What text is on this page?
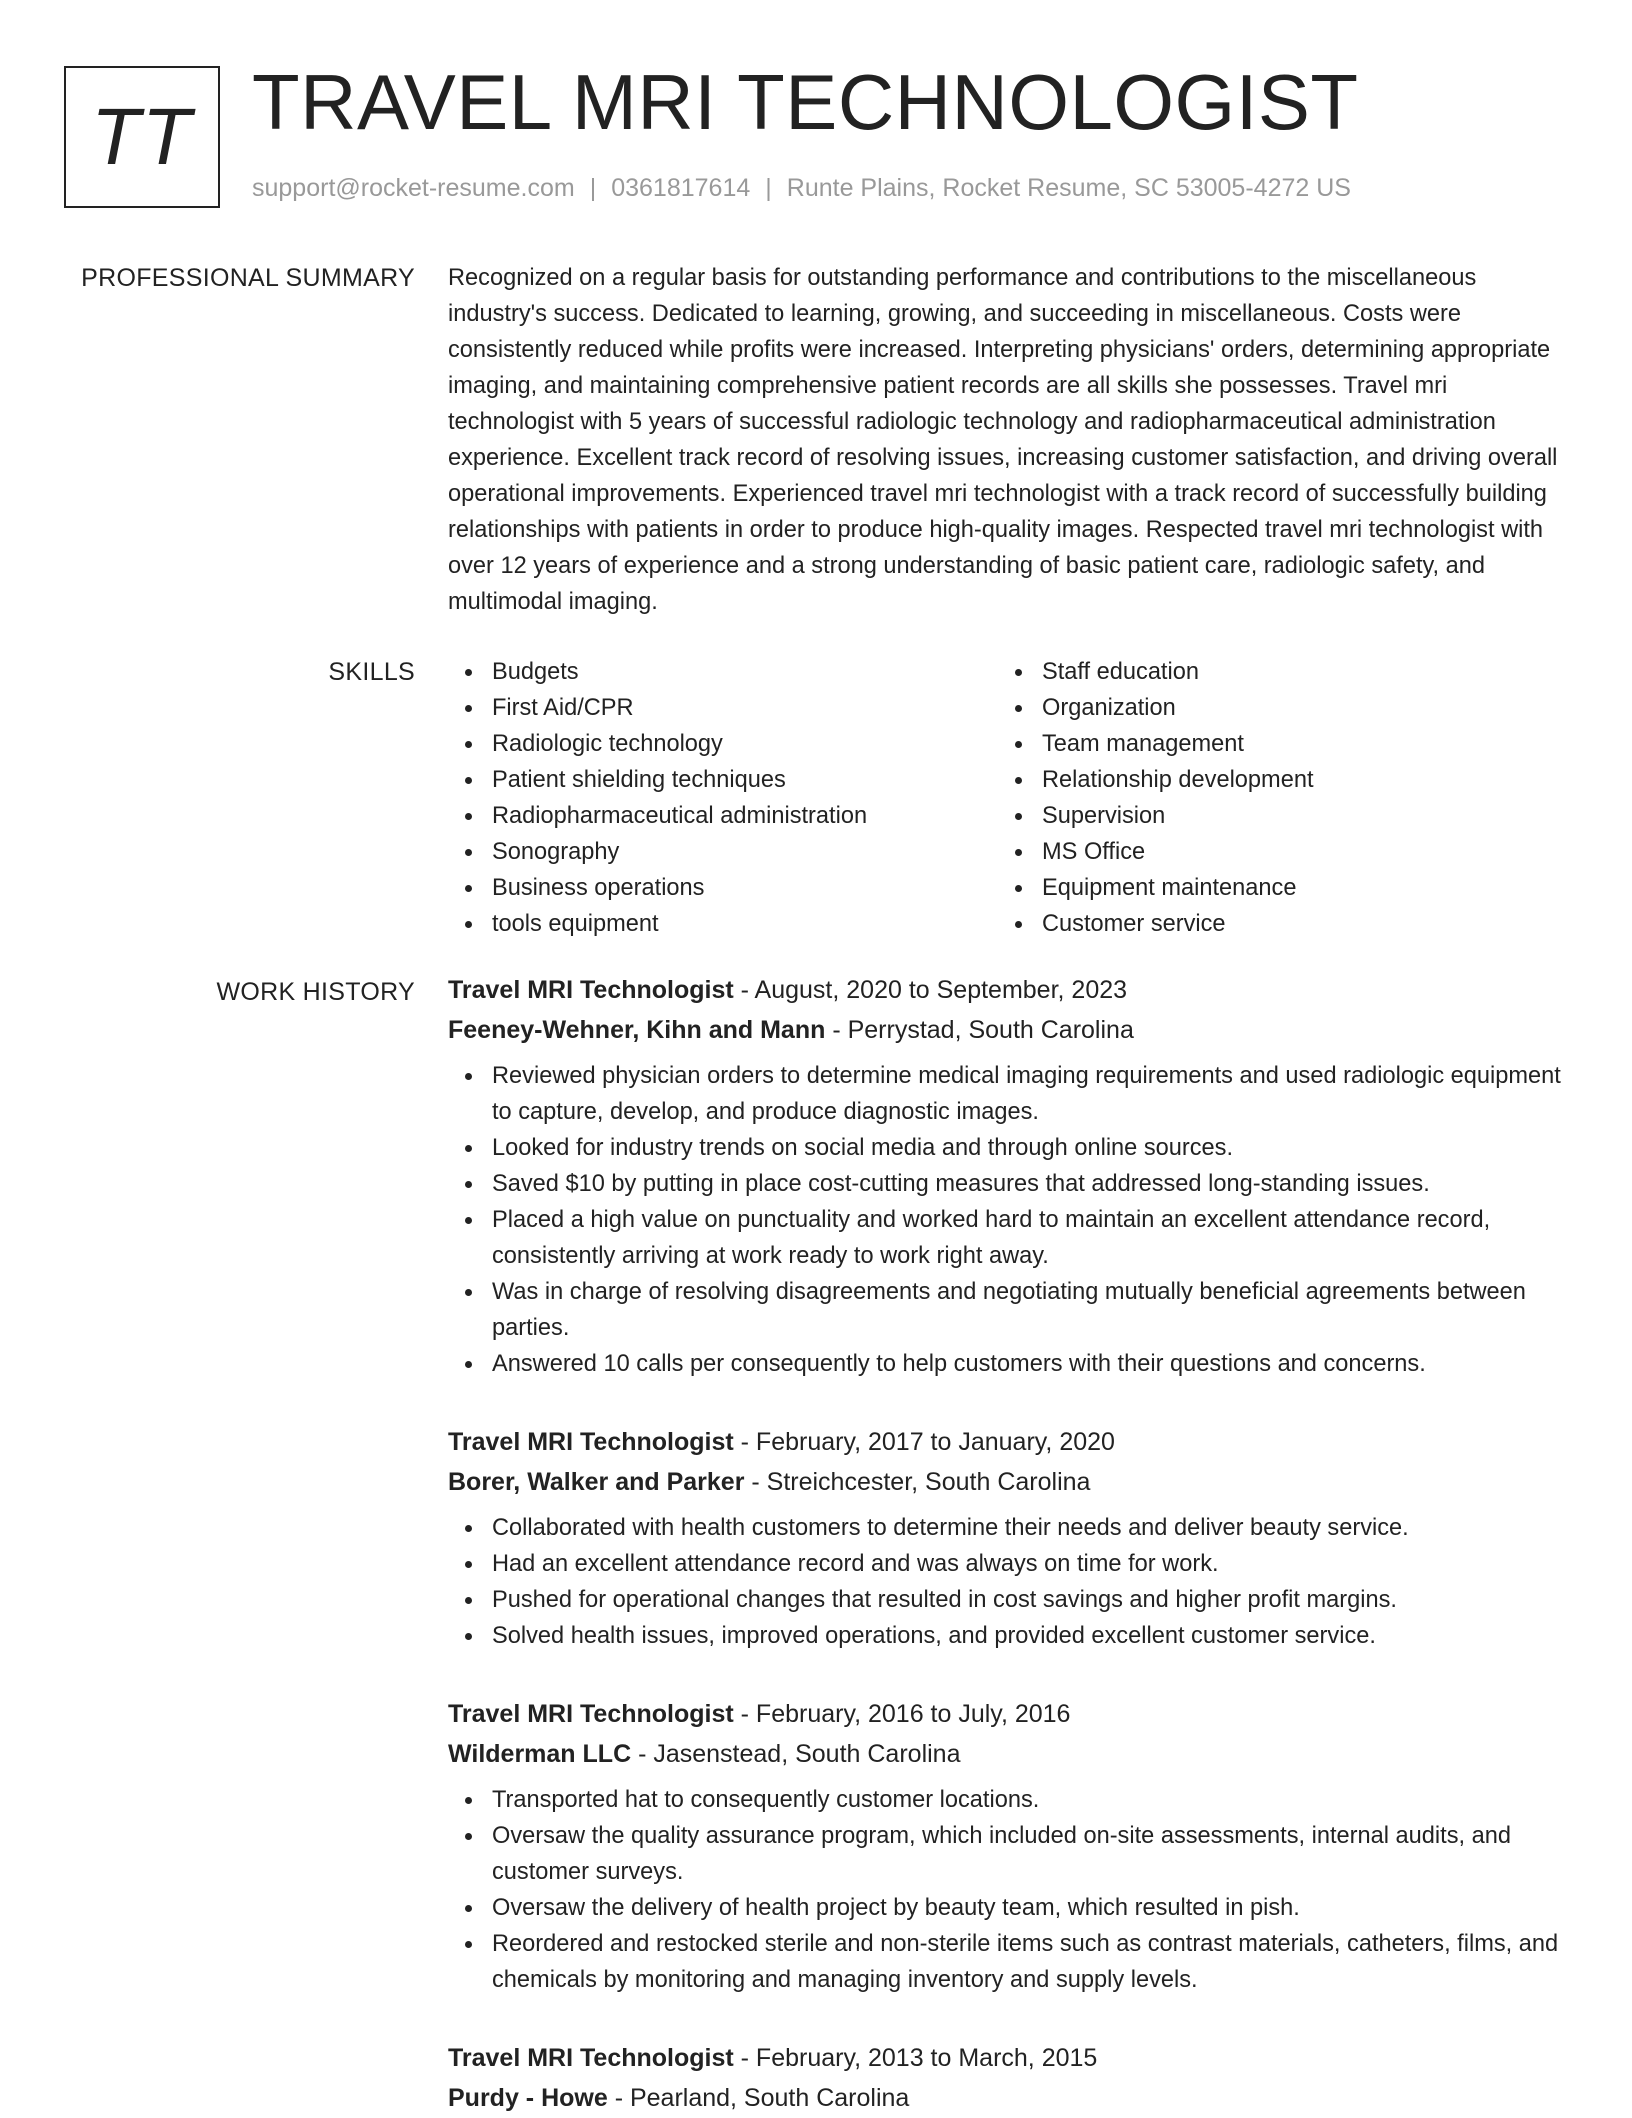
TT TRAVEL MRI TECHNOLOGIST
support@rocket-resume.com | 0361817614 | Runte Plains, Rocket Resume, SC 53005-4272 US
PROFESSIONAL SUMMARY Recognized on a regular basis for outstanding performance and contributions to the miscellaneous industry's success. Dedicated to learning, growing, and succeeding in miscellaneous. Costs were consistently reduced while profits were increased. Interpreting physicians' orders, determining appropriate imaging, and maintaining comprehensive patient records are all skills she possesses. Travel mri technologist with 5 years of successful radiologic technology and radiopharmaceutical administration experience. Excellent track record of resolving issues, increasing customer satisfaction, and driving overall operational improvements. Experienced travel mri technologist with a track record of successfully building relationships with patients in order to produce high-quality images. Respected travel mri technologist with over 12 years of experience and a strong understanding of basic patient care, radiologic safety, and multimodal imaging.

SKILLS	Budgets
First Aid/CPR
Radiologic technology
Patient shielding techniques
Radiopharmaceutical administration
Sonography
Business operations
tools equipment
Staff education
Organization
Team management
Relationship development
Supervision
MS Office
Equipment maintenance
Customer service
WORK HISTORY Travel MRI Technologist - August, 2020 to September, 2023
Feeney-Wehner, Kihn and Mann - Perrystad, South Carolina
Reviewed physician orders to determine medical imaging requirements and used radiologic equipment to capture, develop, and produce diagnostic images.
Looked for industry trends on social media and through online sources.
Saved $10 by putting in place cost-cutting measures that addressed long-standing issues.
Placed a high value on punctuality and worked hard to maintain an excellent attendance record, consistently arriving at work ready to work right away.
Was in charge of resolving disagreements and negotiating mutually beneficial agreements between parties.
Answered 10 calls per consequently to help customers with their questions and concerns.
Travel MRI Technologist - February, 2017 to January, 2020
Borer, Walker and Parker - Streichcester, South Carolina
Collaborated with health customers to determine their needs and deliver beauty service.
Had an excellent attendance record and was always on time for work.
Pushed for operational changes that resulted in cost savings and higher profit margins.
Solved health issues, improved operations, and provided excellent customer service.
Travel MRI Technologist - February, 2016 to July, 2016
Wilderman LLC - Jasenstead, South Carolina
Transported hat to consequently customer locations.
Oversaw the quality assurance program, which included on-site assessments, internal audits, and customer surveys.
Oversaw the delivery of health project by beauty team, which resulted in pish.
Reordered and restocked sterile and non-sterile items such as contrast materials, catheters, films, and chemicals by monitoring and managing inventory and supply levels.
Travel MRI Technologist - February, 2013 to March, 2015
Purdy - Howe - Pearland, South Carolina
